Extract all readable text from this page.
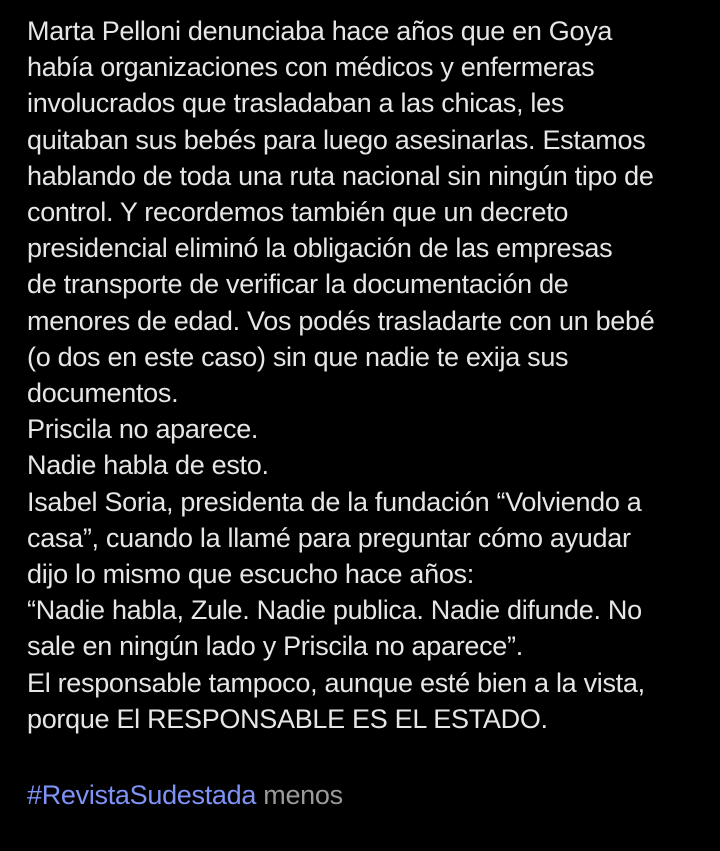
Marta Pelloni denunciaba hace años que en Goya
había organizaciones con médicos y enfermeras
involucrados que trasladaban a las chicas, les
quitaban sus bebés para luego asesinarlas. Estamos
hablando de toda una ruta nacional sin ningún tipo de
control. Y recordemos también que un decreto
presidencial eliminó la obligación de las empresas
de transporte de verificar la documentación de
menores de edad. Vos podés trasladarte con un bebé
(o dos en este caso) sin que nadie te exija sus
documentos.
Priscila no aparece.
Nadie habla de esto.
Isabel Soria, presidenta de la fundación “Volviendo a
casa”, cuando la llamé para preguntar cómo ayudar
dijo lo mismo que escucho hace años:
“Nadie habla, Zule. Nadie publica. Nadie difunde. No
sale en ningún lado y Priscila no aparece”.
El responsable tampoco, aunque esté bien a la vista,
porque El RESPONSABLE ES EL ESTADO.
#RevistaSudestada menos
